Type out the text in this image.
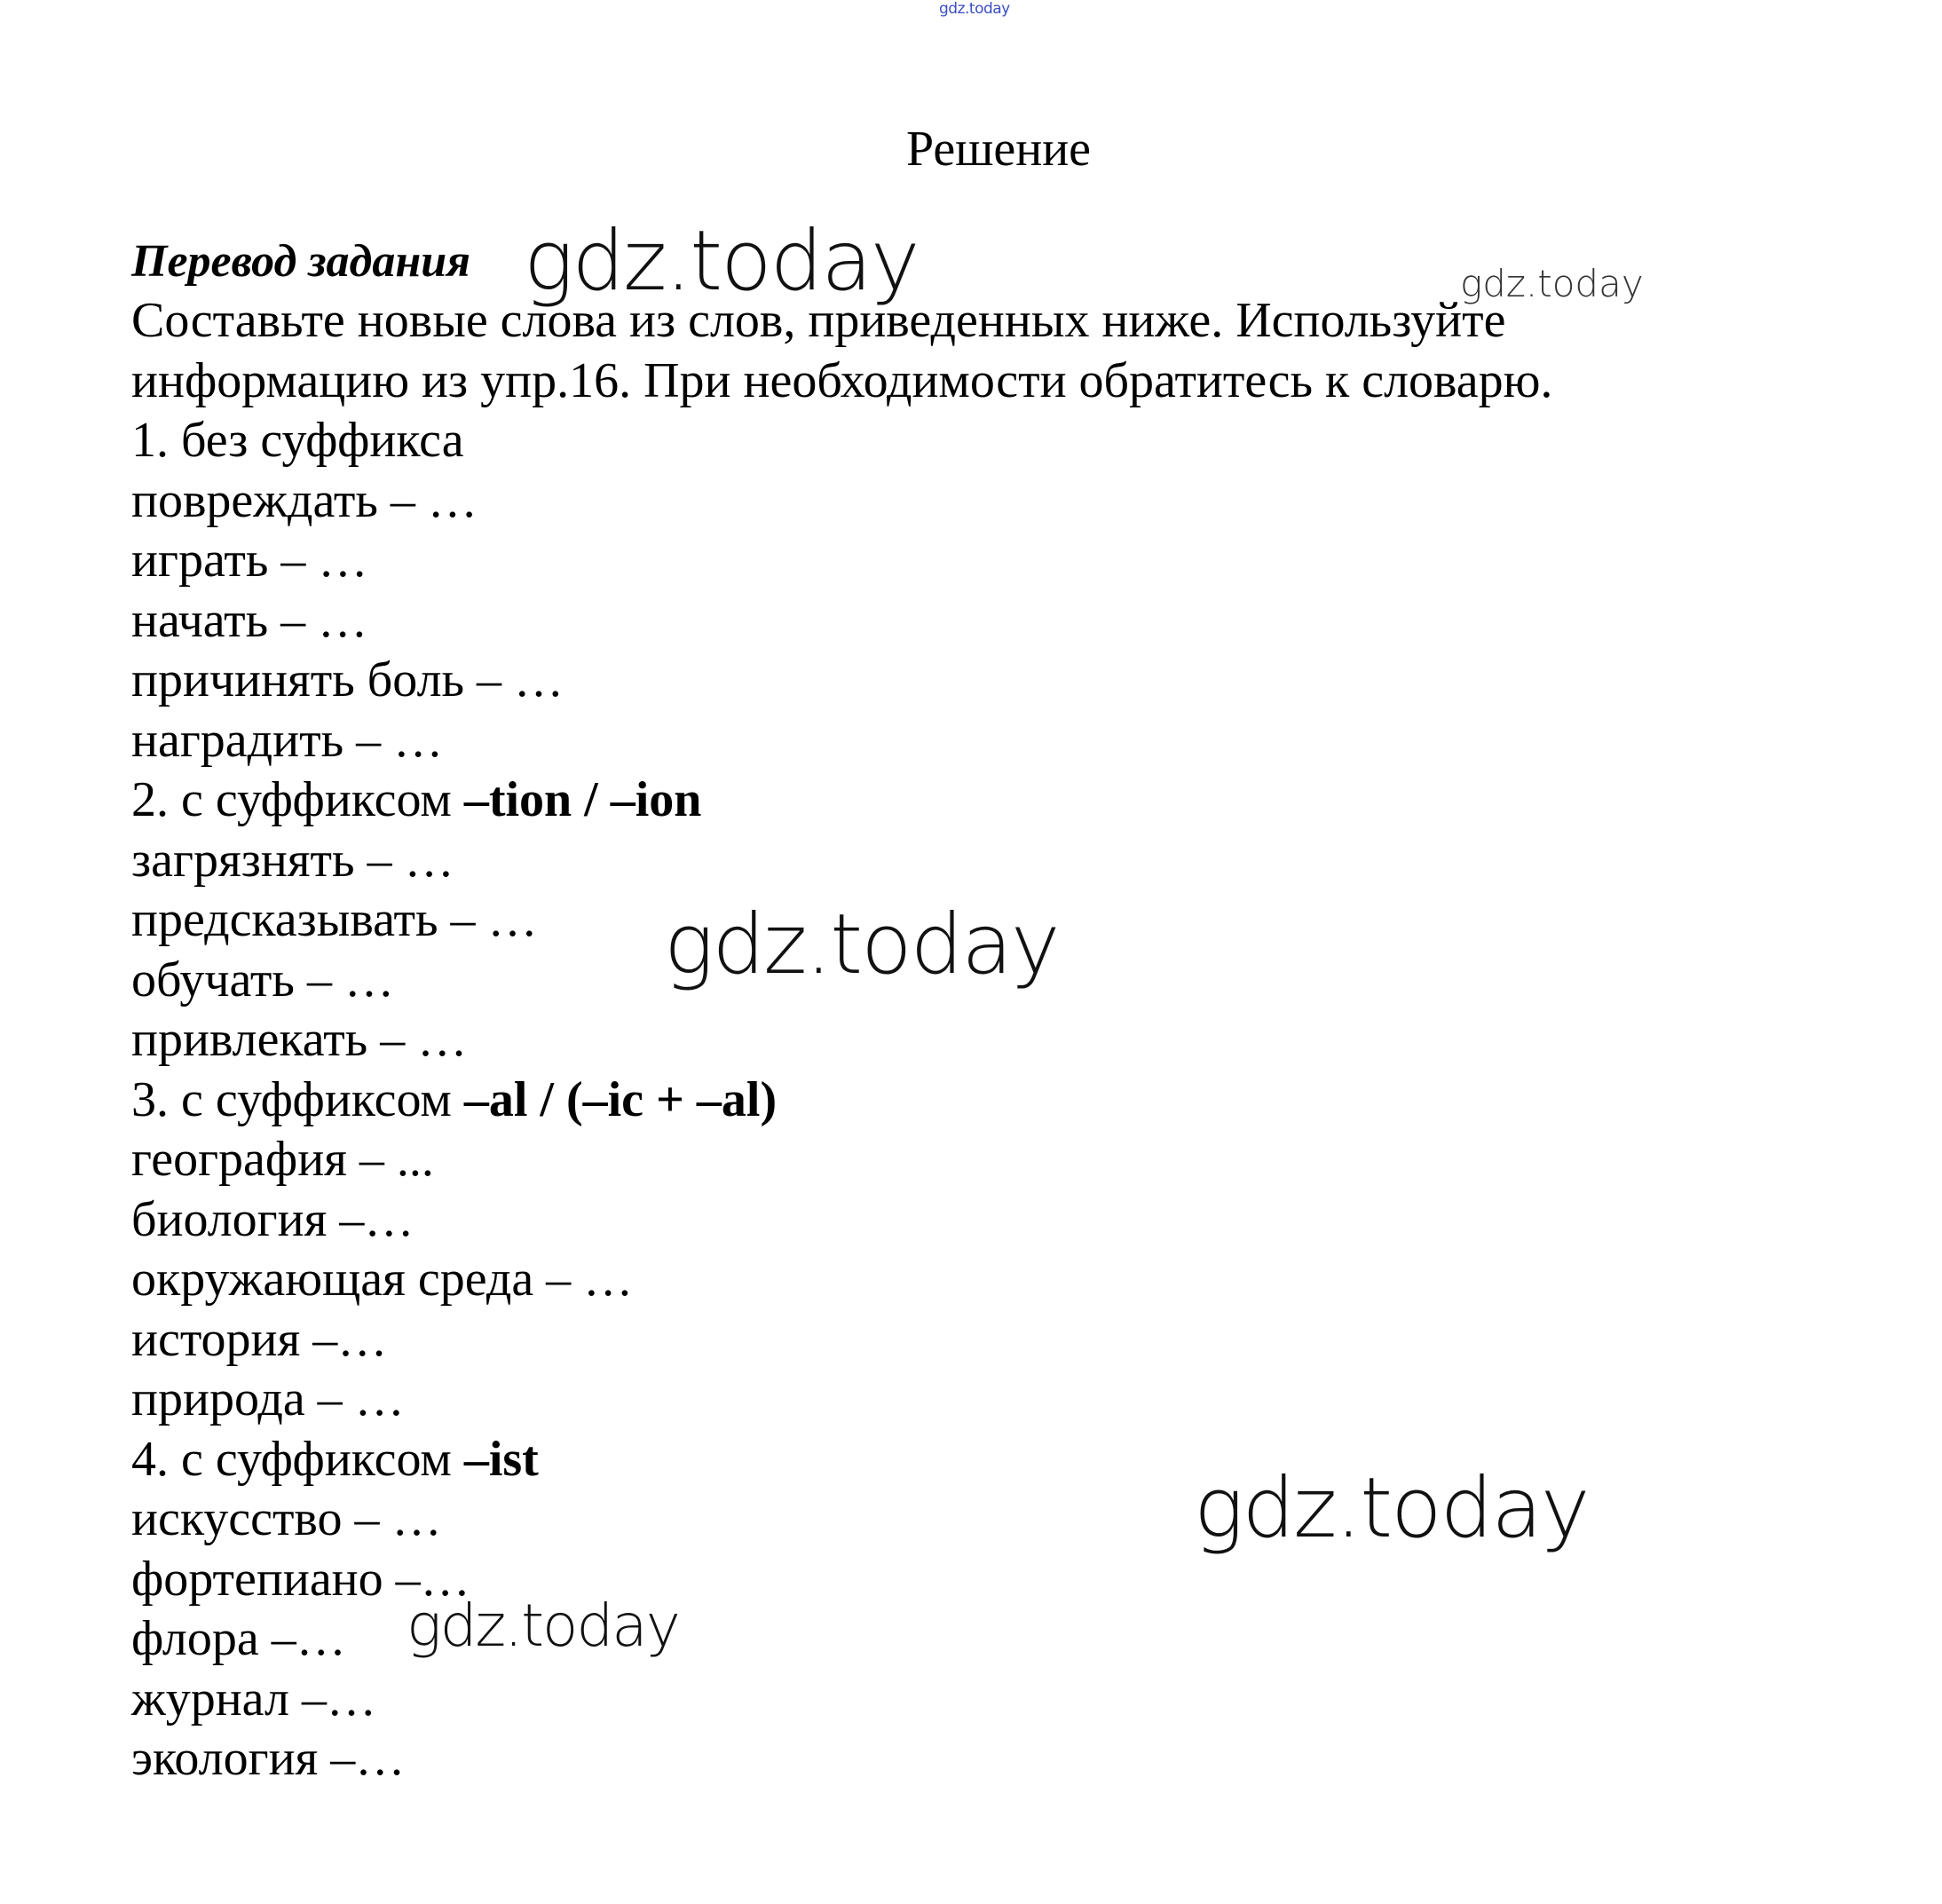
gdz.today
Решение
Перевод задания
Составьте новые слова из слов, приведенных ниже. Используйте
информацию из упр.16. При необходимости обратитесь к словарю.
1. без суффикса
повреждать – …
играть – …
начать – …
причинять боль – …
наградить – …
2. с суффиксом –tion / –ion
загрязнять – …
предсказывать – …
обучать – …
привлекать – …
3. с суффиксом –al / (–ic + –al)
география – ...
биология –…
окружающая среда – …
история –…
природа – …
4. с суффиксом –ist
искусство – …
фортепиано –…
флора –…
журнал –…
экология –…
gdz.today	gdz.today
gdz.today
gdz.today
gdz.today
